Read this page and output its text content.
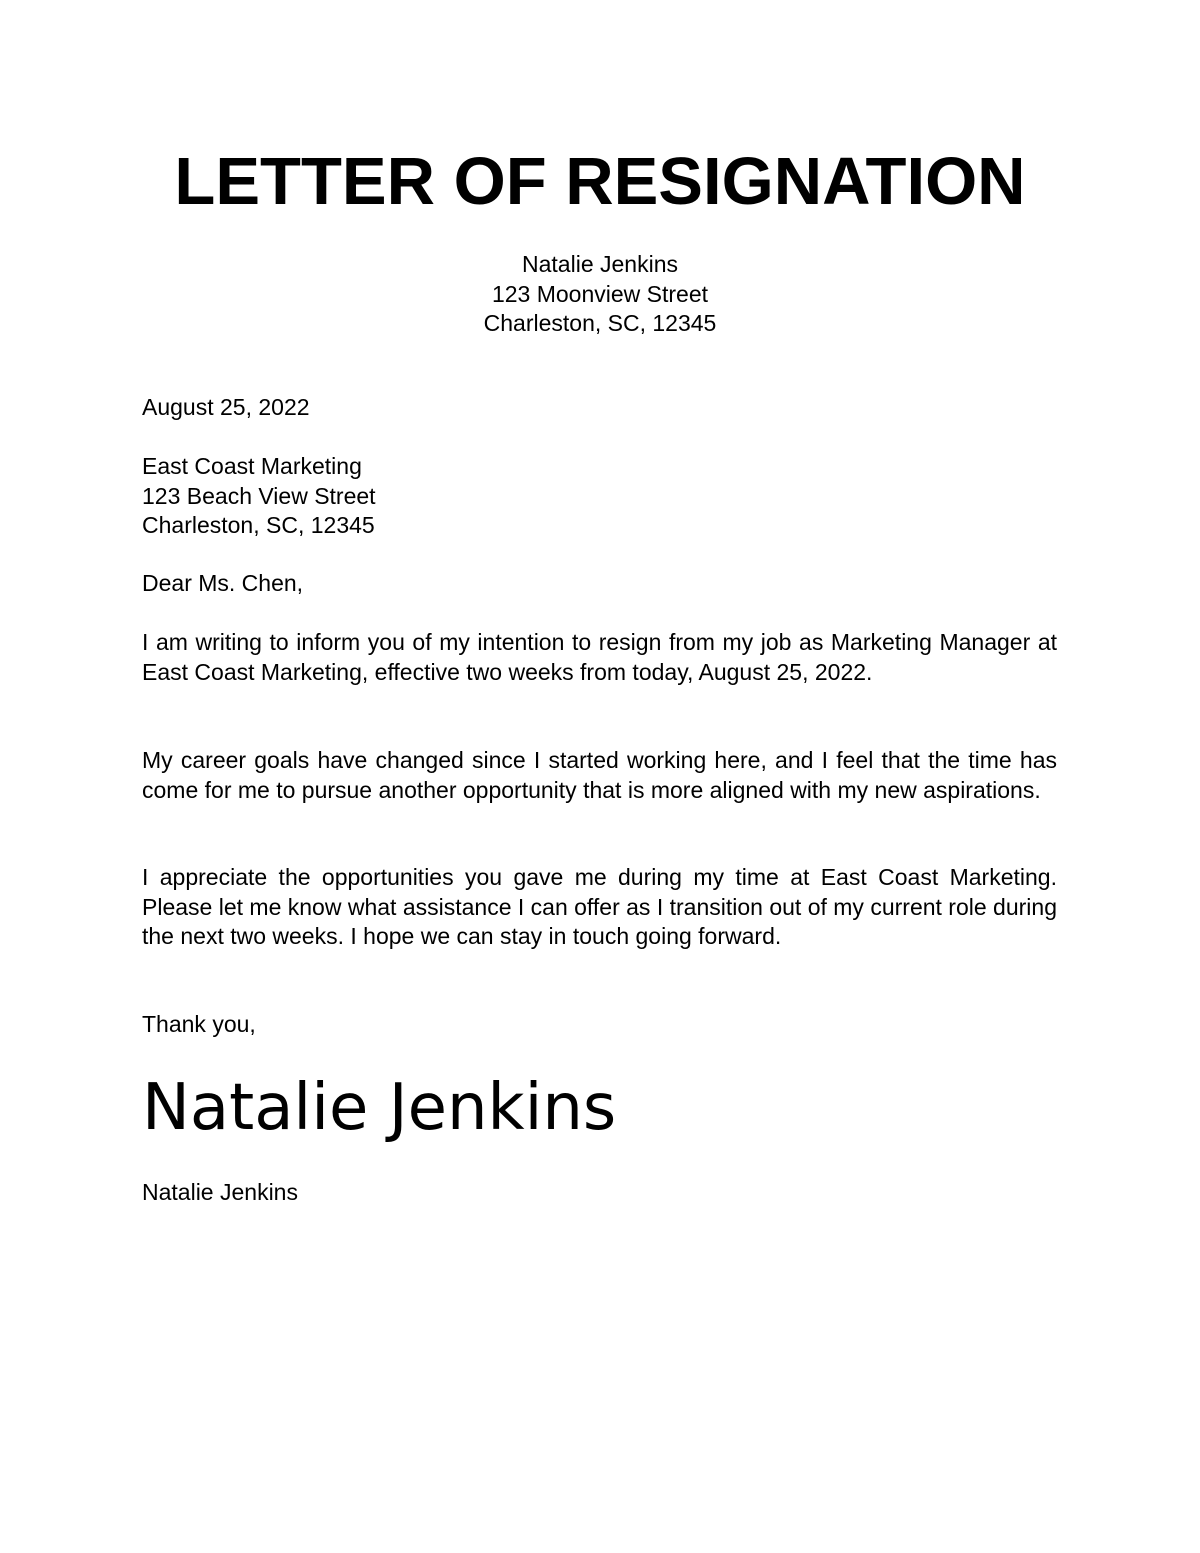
LETTER OF RESIGNATION
Natalie Jenkins
123 Moonview Street
Charleston, SC, 12345
August 25, 2022
East Coast Marketing
123 Beach View Street
Charleston, SC, 12345
Dear Ms. Chen,
I am writing to inform you of my intention to resign from my job as Marketing Manager at East Coast Marketing, effective two weeks from today, August 25, 2022.
My career goals have changed since I started working here, and I feel that the time has come for me to pursue another opportunity that is more aligned with my new aspirations.
I appreciate the opportunities you gave me during my time at East Coast Marketing. Please let me know what assistance I can offer as I transition out of my current role during the next two weeks. I hope we can stay in touch going forward.
Thank you,
Natalie Jenkins
Natalie Jenkins
